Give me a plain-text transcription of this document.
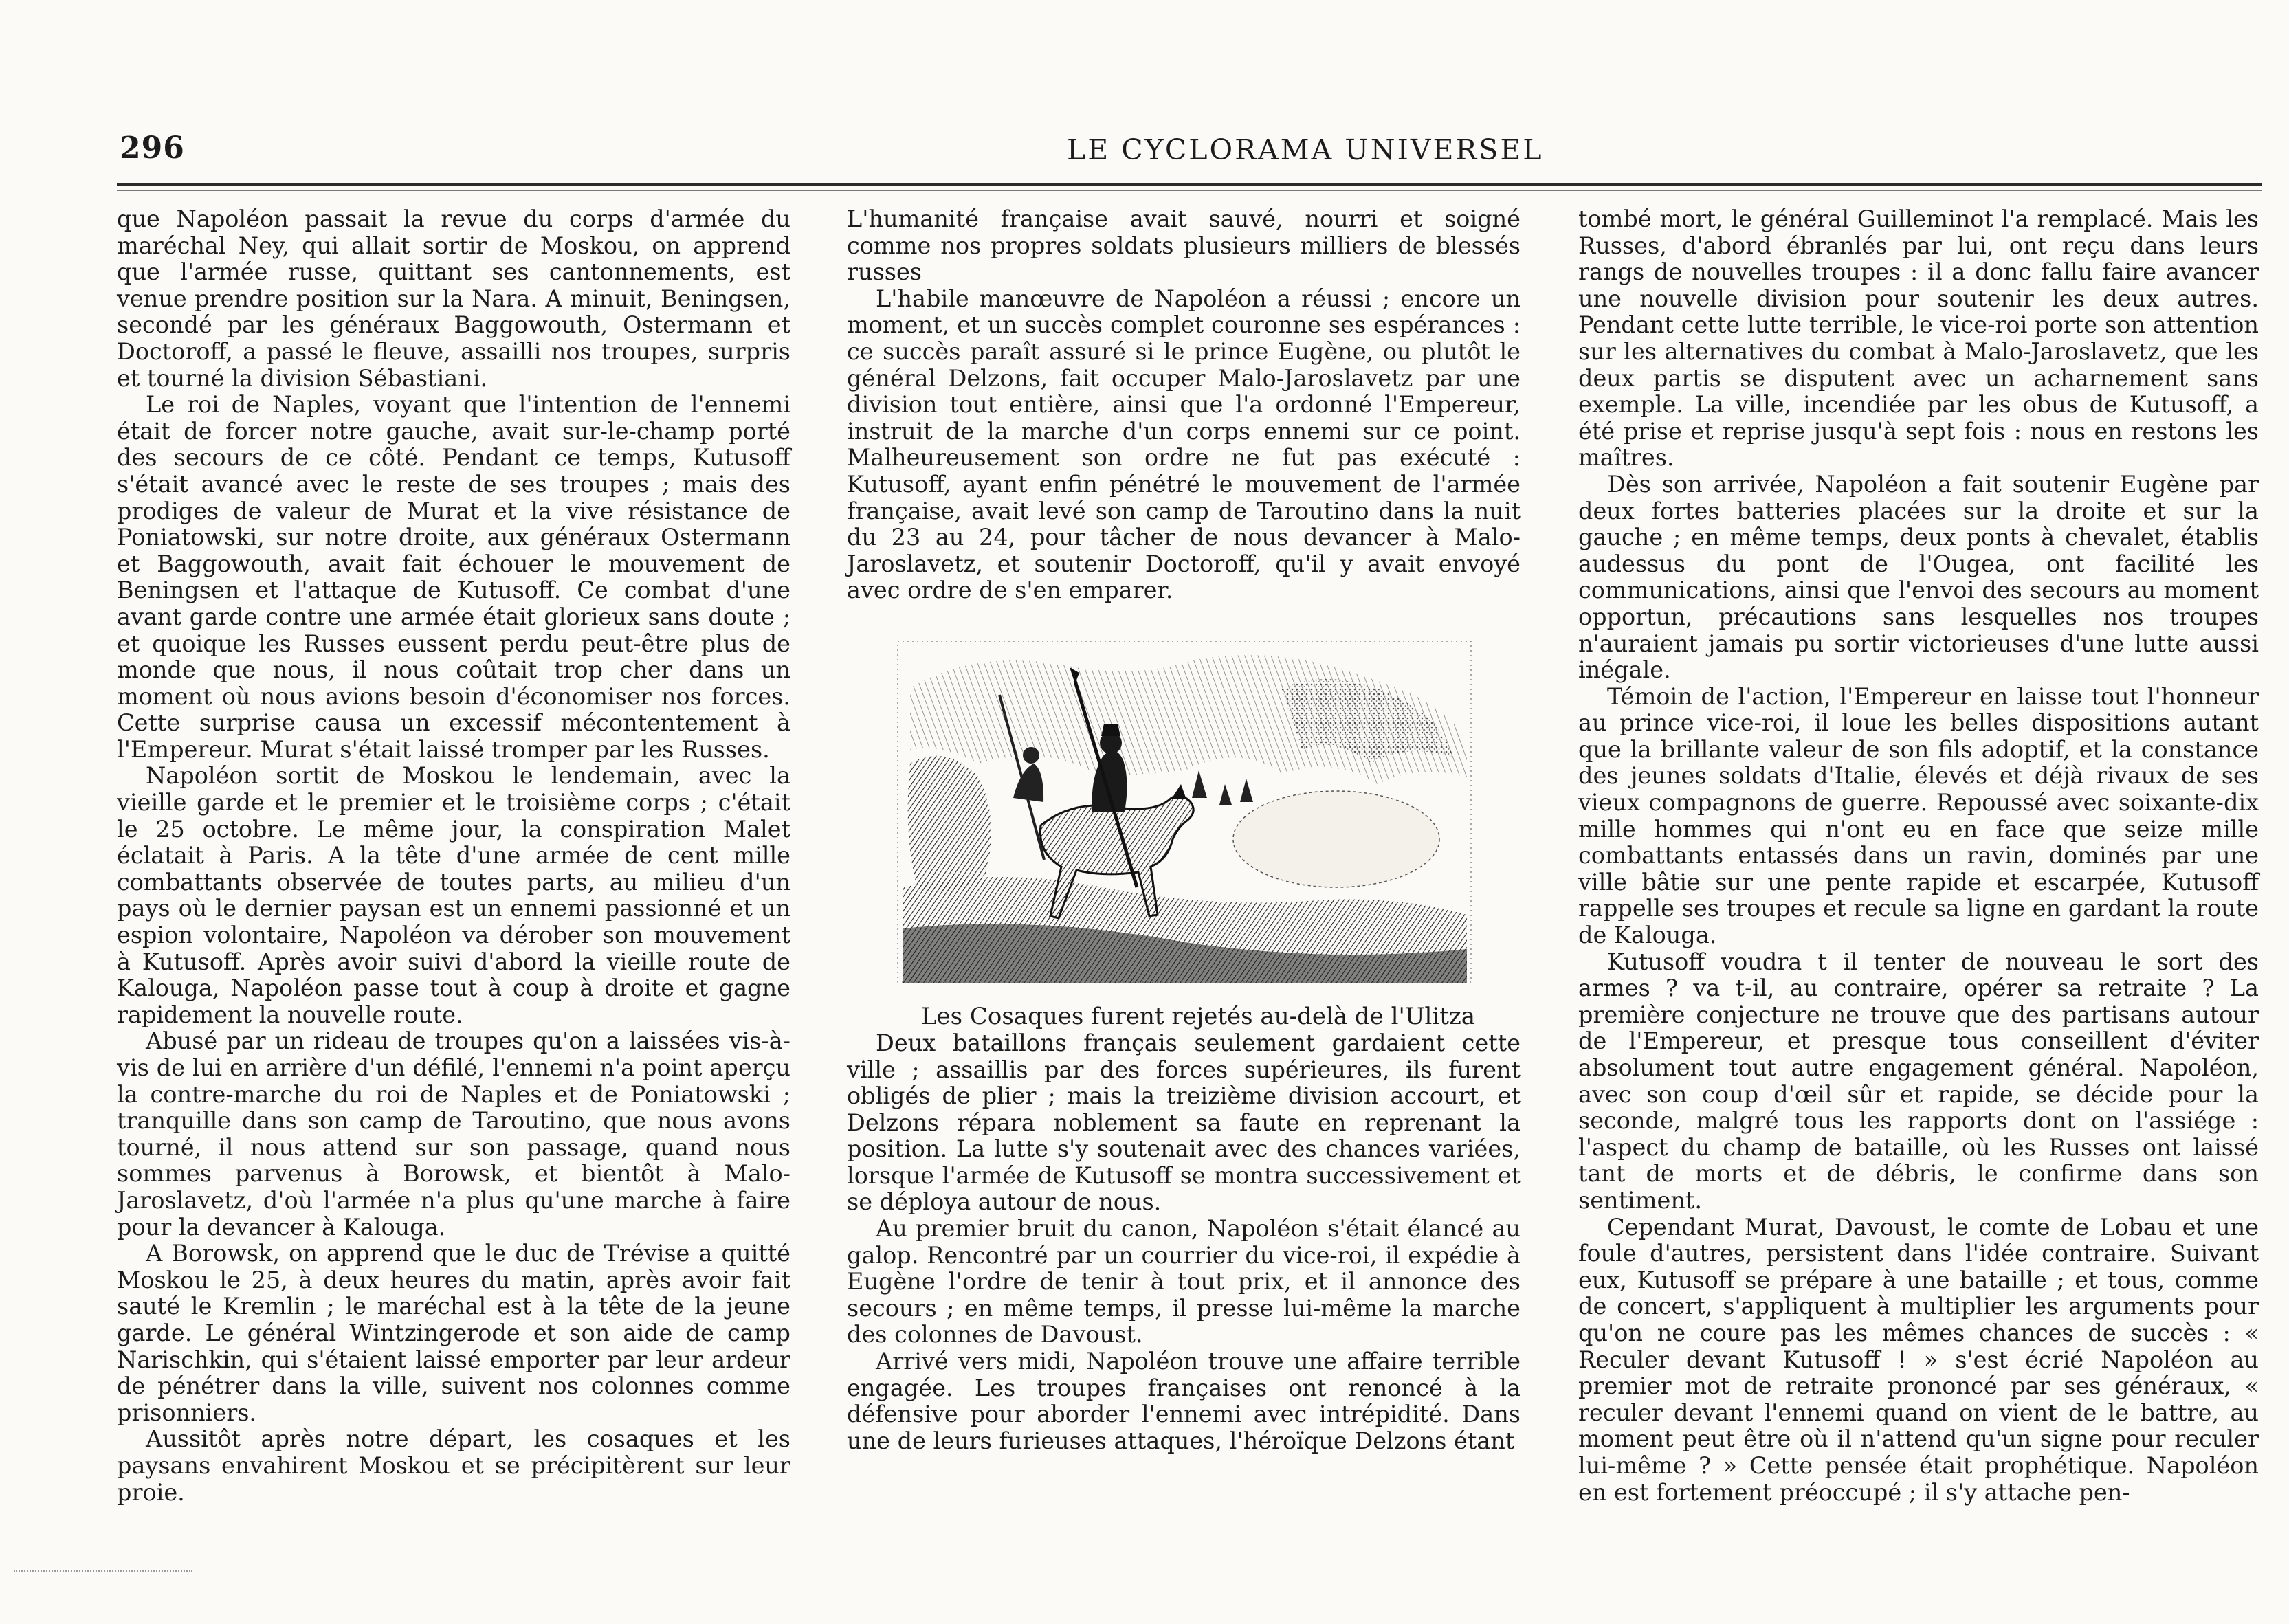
296	LE CYCLORAMA UNIVERSEL

que Napoléon passait la revue du corps d'armée du maréchal Ney, qui allait sortir de Moskou, on apprend que l'armée russe, quittant ses cantonnements, est venue prendre position sur la Nara. A minuit, Beningsen, secondé par les généraux Baggowouth, Ostermann et Doctoroff, a passé le fleuve, assailli nos troupes, surpris et tourné la division Sébastiani.

Le roi de Naples, voyant que l'intention de l'ennemi était de forcer notre gauche, avait sur-le-champ porté des secours de ce côté. Pendant ce temps, Kutusoff s'était avancé avec le reste de ses troupes ; mais des prodiges de valeur de Murat et la vive résistance de Poniatowski, sur notre droite, aux généraux Ostermann et Baggowouth, avait fait échouer le mouvement de Beningsen et l'attaque de Kutusoff. Ce combat d'une avant garde contre une armée était glorieux sans doute ; et quoique les Russes eussent perdu peut-être plus de monde que nous, il nous coûtait trop cher dans un moment où nous avions besoin d'économiser nos forces. Cette surprise causa un excessif mécontentement à l'Empereur. Murat s'était laissé tromper par les Russes.

Napoléon sortit de Moskou le lendemain, avec la vieille garde et le premier et le troisième corps ; c'était le 25 octobre. Le même jour, la conspiration Malet éclatait à Paris. A la tête d'une armée de cent mille combattants observée de toutes parts, au milieu d'un pays où le dernier paysan est un ennemi passionné et un espion volontaire, Napoléon va dérober son mouvement à Kutusoff. Après avoir suivi d'abord la vieille route de Kalouga, Napoléon passe tout à coup à droite et gagne rapidement la nouvelle route.

Abusé par un rideau de troupes qu'on a laissées vis-à-vis de lui en arrière d'un défilé, l'ennemi n'a point aperçu la contre-marche du roi de Naples et de Poniatowski ; tranquille dans son camp de Taroutino, que nous avons tourné, il nous attend sur son passage, quand nous sommes parvenus à Borowsk, et bientôt à Malo-Jaroslavetz, d'où l'armée n'a plus qu'une marche à faire pour la devancer à Kalouga.

A Borowsk, on apprend que le duc de Trévise a quitté Moskou le 25, à deux heures du matin, après avoir fait sauté le Kremlin ; le maréchal est à la tête de la jeune garde. Le général Wintzingerode et son aide de camp Narischkin, qui s'étaient laissé emporter par leur ardeur de pénétrer dans la ville, suivent nos colonnes comme prisonniers.

Aussitôt après notre départ, les cosaques et les paysans envahirent Moskou et se précipitèrent sur leur proie.

L'humanité française avait sauvé, nourri et soigné comme nos propres soldats plusieurs milliers de blessés russes

L'habile manœuvre de Napoléon a réussi ; encore un moment, et un succès complet couronne ses espérances : ce succès paraît assuré si le prince Eugène, ou plutôt le général Delzons, fait occuper Malo-Jaroslavetz par une division tout entière, ainsi que l'a ordonné l'Empereur, instruit de la marche d'un corps ennemi sur ce point. Malheureusement son ordre ne fut pas exécuté : Kutusoff, ayant enfin pénétré le mouvement de l'armée française, avait levé son camp de Taroutino dans la nuit du 23 au 24, pour tâcher de nous devancer à Malo-Jaroslavetz, et soutenir Doctoroff, qu'il y avait envoyé avec ordre de s'en emparer.

Les Cosaques furent rejetés au-delà de l'Ulitza

Deux bataillons français seulement gardaient cette ville ; assaillis par des forces supérieures, ils furent obligés de plier ; mais la treizième division accourt, et Delzons répara noblement sa faute en reprenant la position. La lutte s'y soutenait avec des chances variées, lorsque l'armée de Kutusoff se montra successivement et se déploya autour de nous.

Au premier bruit du canon, Napoléon s'était élancé au galop. Rencontré par un courrier du vice-roi, il expédie à Eugène l'ordre de tenir à tout prix, et il annonce des secours ; en même temps, il presse lui-même la marche des colonnes de Davoust.

Arrivé vers midi, Napoléon trouve une affaire terrible engagée. Les troupes françaises ont renoncé à la défensive pour aborder l'ennemi avec intrépidité. Dans une de leurs furieuses attaques, l'héroïque Delzons étant

tombé mort, le général Guilleminot l'a remplacé. Mais les Russes, d'abord ébranlés par lui, ont reçu dans leurs rangs de nouvelles troupes : il a donc fallu faire avancer une nouvelle division pour soutenir les deux autres. Pendant cette lutte terrible, le vice-roi porte son attention sur les alternatives du combat à Malo-Jaroslavetz, que les deux partis se disputent avec un acharnement sans exemple. La ville, incendiée par les obus de Kutusoff, a été prise et reprise jusqu'à sept fois : nous en restons les maîtres.

Dès son arrivée, Napoléon a fait soutenir Eugène par deux fortes batteries placées sur la droite et sur la gauche ; en même temps, deux ponts à chevalet, établis audessus du pont de l'Ougea, ont facilité les communications, ainsi que l'envoi des secours au moment opportun, précautions sans lesquelles nos troupes n'auraient jamais pu sortir victorieuses d'une lutte aussi inégale.

Témoin de l'action, l'Empereur en laisse tout l'honneur au prince vice-roi, il loue les belles dispositions autant que la brillante valeur de son fils adoptif, et la constance des jeunes soldats d'Italie, élevés et déjà rivaux de ses vieux compagnons de guerre. Repoussé avec soixante-dix mille hommes qui n'ont eu en face que seize mille combattants entassés dans un ravin, dominés par une ville bâtie sur une pente rapide et escarpée, Kutusoff rappelle ses troupes et recule sa ligne en gardant la route de Kalouga.

Kutusoff voudra t il tenter de nouveau le sort des armes ? va t-il, au contraire, opérer sa retraite ? La première conjecture ne trouve que des partisans autour de l'Empereur, et presque tous conseillent d'éviter absolument tout autre engagement général. Napoléon, avec son coup d'œil sûr et rapide, se décide pour la seconde, malgré tous les rapports dont on l'assiége : l'aspect du champ de bataille, où les Russes ont laissé tant de morts et de débris, le confirme dans son sentiment.

Cependant Murat, Davoust, le comte de Lobau et une foule d'autres, persistent dans l'idée contraire. Suivant eux, Kutusoff se prépare à une bataille ; et tous, comme de concert, s'appliquent à multiplier les arguments pour qu'on ne coure pas les mêmes chances de succès : « Reculer devant Kutusoff ! » s'est écrié Napoléon au premier mot de retraite prononcé par ses généraux, « reculer devant l'ennemi quand on vient de le battre, au moment peut être où il n'attend qu'un signe pour reculer lui-même ? » Cette pensée était prophétique. Napoléon en est fortement préoccupé ; il s'y attache pen-
